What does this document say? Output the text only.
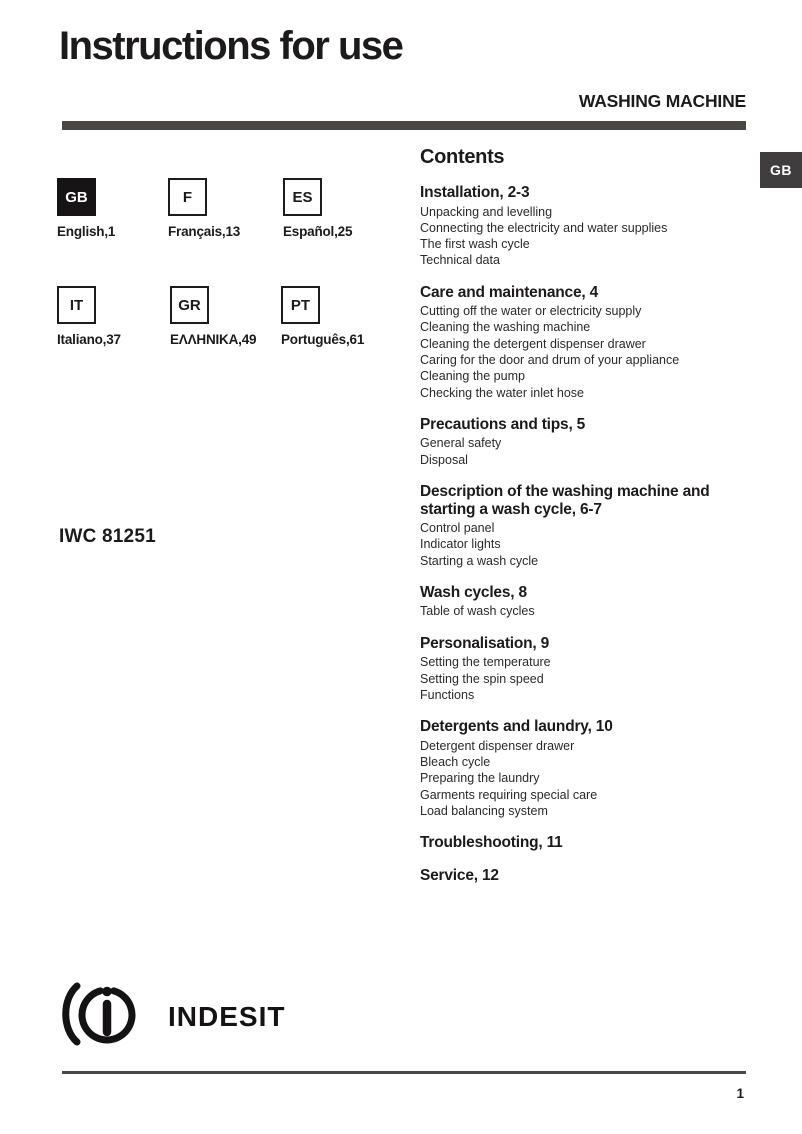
Instructions for use
WASHING MACHINE
GB
GB
English,1
F
Français,13
ES
Español,25
IT
Italiano,37
GR
ΕΛΛΗΝΙΚΑ,49
PT
Português,61
IWC 81251
Contents
Installation, 2-3
Unpacking and levelling
Connecting the electricity and water supplies
The first wash cycle
Technical data
Care and maintenance, 4
Cutting off the water or electricity supply
Cleaning the washing machine
Cleaning the detergent dispenser drawer
Caring for the door and drum of your appliance
Cleaning the pump
Checking the water inlet hose
Precautions and tips, 5
General safety
Disposal
Description of the washing machine and starting a wash cycle, 6-7
Control panel
Indicator lights
Starting a wash cycle
Wash cycles, 8
Table of wash cycles
Personalisation, 9
Setting the temperature
Setting the spin speed
Functions
Detergents and laundry, 10
Detergent dispenser drawer
Bleach cycle
Preparing the laundry
Garments requiring special care
Load balancing system
Troubleshooting, 11
Service, 12
INDESIT
1
